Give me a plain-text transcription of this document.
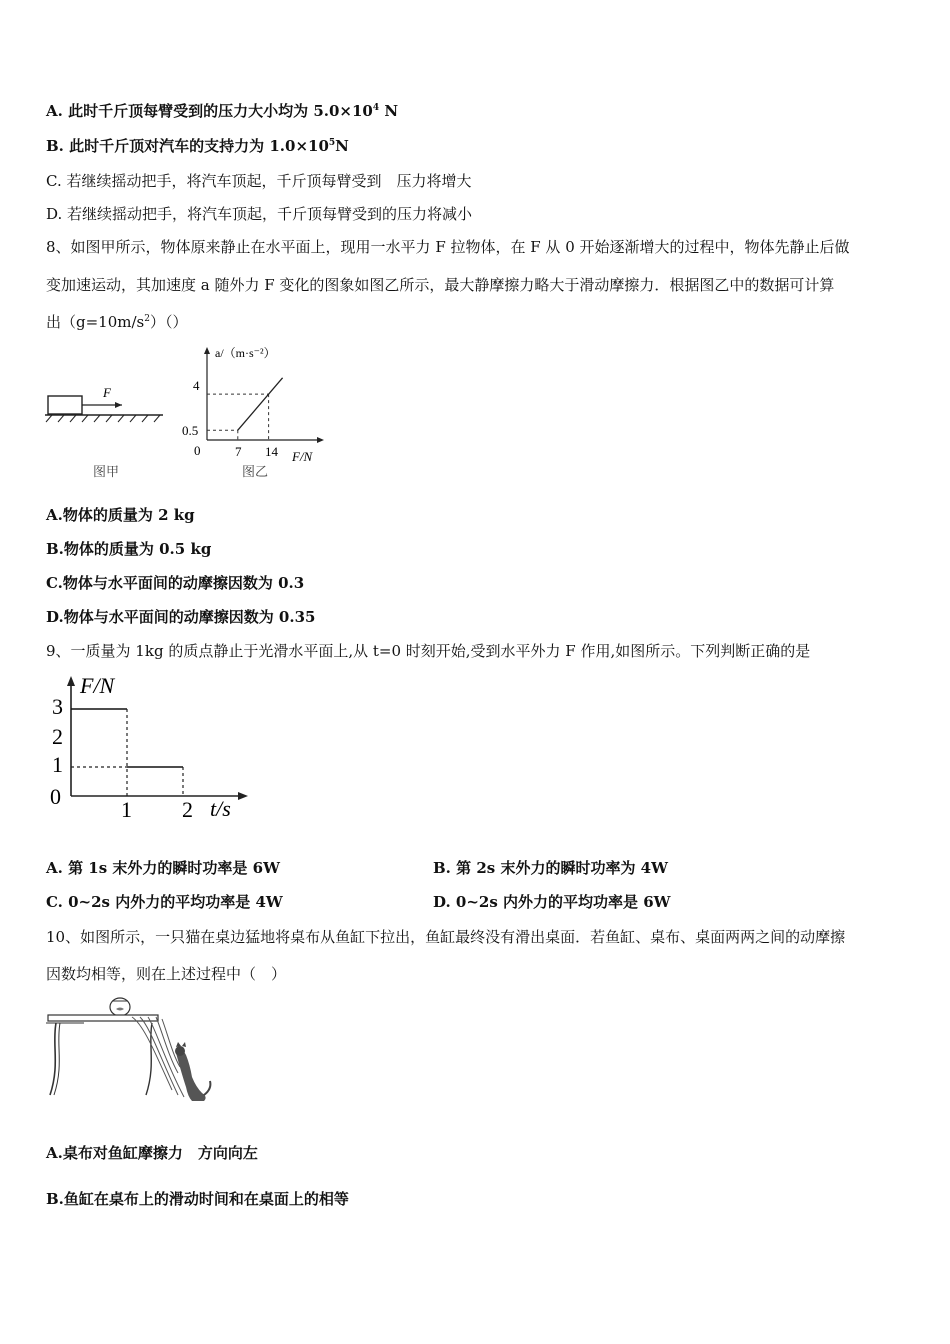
A. 此时千斤顶每臂受到的压力大小均为 $5.0\times 10^4$ N
B. 此时千斤顶对汽车的支持力为 $1.0\times 10^5N$
C. 若继续摇动把手，将汽车顶起，千斤顶每臂受到　压力将增大
D. 若继续摇动把手，将汽车顶起，千斤顶每臂受到的压力将减小
8、如图甲所示，物体原来静止在水平面上，现用一水平力 F 拉物体，在 F 从 0 开始逐渐增大的过程中，物体先静止后做
变加速运动，其加速度 a 随外力 F 变化的图象如图乙所示，最大静摩擦力略大于滑动摩擦力．根据图乙中的数据可计算
出$(g=10m/s^2)()$
F
图甲
a/（m·s⁻²）
F/N
4
0.5
0	7 14
图乙
A.物体的质量为 2 kg
B.物体的质量为 0.5 kg
C.物体与水平面间的动摩擦因数为 0.3
D.物体与水平面间的动摩擦因数为 0.35
9、一质量为 1kg 的质点静止于光滑水平面上,从 t=0 时刻开始,受到水平外力 F 作用,如图所示。下列判断正确的是
F/N
t/s
3
2
1
0
1 2
A. 第 1s 末外力的瞬时功率是 6W	B. 第 2s 末外力的瞬时功率为 4W
C. 0~2s 内外力的平均功率是 4W	D. 0~2s 内外力的平均功率是 6W
10、如图所示，一只猫在桌边猛地将桌布从鱼缸下拉出，鱼缸最终没有滑出桌面．若鱼缸、桌布、桌面两两之间的动摩擦
因数均相等，则在上述过程中（　）
A.桌布对鱼缸摩擦力　方向向左
B.鱼缸在桌布上的滑动时间和在桌面上的相等
